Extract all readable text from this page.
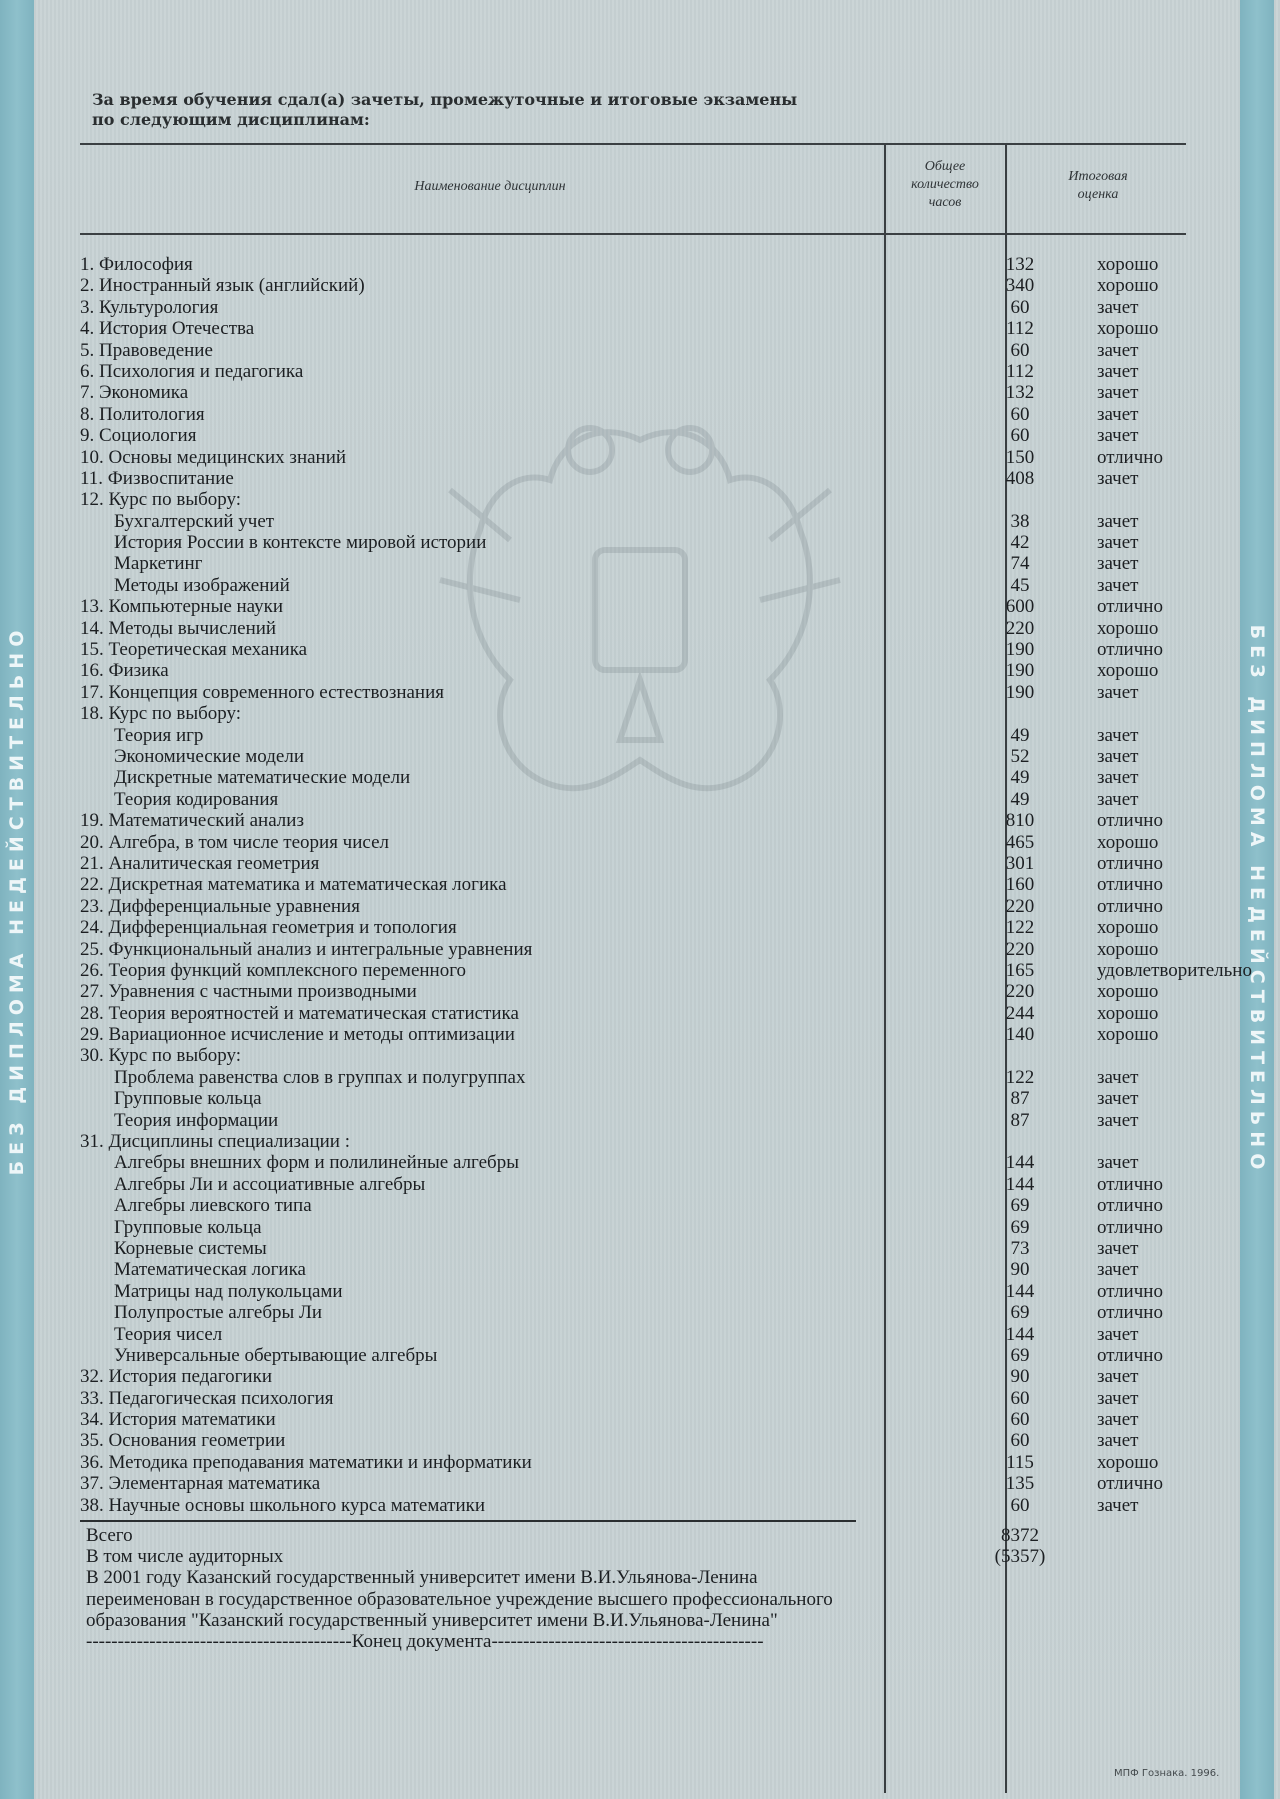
БЕЗ ДИПЛОМА НЕДЕЙСТВИТЕЛЬНО	БЕЗ ДИПЛОМА НЕДЕЙСТВИТЕЛЬНО
За время обучения сдал(а) зачеты, промежуточные и итоговые экзамены
по следующим дисциплинам:
Наименование дисциплин
Общее
количество
часов
Итоговая
оценка
1. Философия	132	хорошо
2. Иностранный язык (английский)	340	хорошо
3. Культурология	60	зачет
4. История Отечества	112	хорошо
5. Правоведение	60	зачет
6. Психология и педагогика	112	зачет
7. Экономика	132	зачет
8. Политология	60	зачет
9. Социология	60	зачет
10. Основы медицинских знаний	150	отлично
11. Физвоспитание	408	зачет
12. Курс по выбору:
Бухгалтерский учет	38	зачет
История России в контексте мировой истории	42	зачет
Маркетинг	74	зачет
Методы изображений	45	зачет
13. Компьютерные науки	600	отлично
14. Методы вычислений	220	хорошо
15. Теоретическая механика	190	отлично
16. Физика	190	хорошо
17. Концепция современного естествознания	190	зачет
18. Курс по выбору:
Теория игр	49	зачет
Экономические модели	52	зачет
Дискретные математические модели	49	зачет
Теория кодирования	49	зачет
19. Математический анализ	810	отлично
20. Алгебра, в том числе теория чисел	465	хорошо
21. Аналитическая геометрия	301	отлично
22. Дискретная математика и математическая логика	160	отлично
23. Дифференциальные уравнения	220	отлично
24. Дифференциальная геометрия и топология	122	хорошо
25. Функциональный анализ и интегральные уравнения	220	хорошо
26. Теория функций комплексного переменного	165	удовлетворительно
27. Уравнения с частными производными	220	хорошо
28. Теория вероятностей и математическая статистика	244	хорошо
29. Вариационное исчисление и методы оптимизации	140	хорошо
30. Курс по выбору:
Проблема равенства слов в группах и полугруппах	122	зачет
Групповые кольца	87	зачет
Теория информации	87	зачет
31. Дисциплины специализации :
Алгебры внешних форм и полилинейные алгебры	144	зачет
Алгебры Ли и ассоциативные алгебры	144	отлично
Алгебры лиевского типа	69	отлично
Групповые кольца	69	отлично
Корневые системы	73	зачет
Математическая логика	90	зачет
Матрицы над полукольцами	144	отлично
Полупростые алгебры Ли	69	отлично
Теория чисел	144	зачет
Универсальные обертывающие алгебры	69	отлично
32. История педагогики	90	зачет
33. Педагогическая психология	60	зачет
34. История математики	60	зачет
35. Основания геометрии	60	зачет
36. Методика преподавания математики и информатики	115	хорошо
37. Элементарная математика	135	отлично
38. Научные основы школьного курса математики	60	зачет
Всего	8372
В том числе аудиторных	(5357)
В 2001 году Казанский государственный университет имени В.И.Ульянова-Ленина
переименован в государственное образовательное учреждение высшего профессионального
образования "Казанский государственный университет имени В.И.Ульянова-Ленина"
------------------------------------------Конец документа-------------------------------------------
МПФ Гознака. 1996.
